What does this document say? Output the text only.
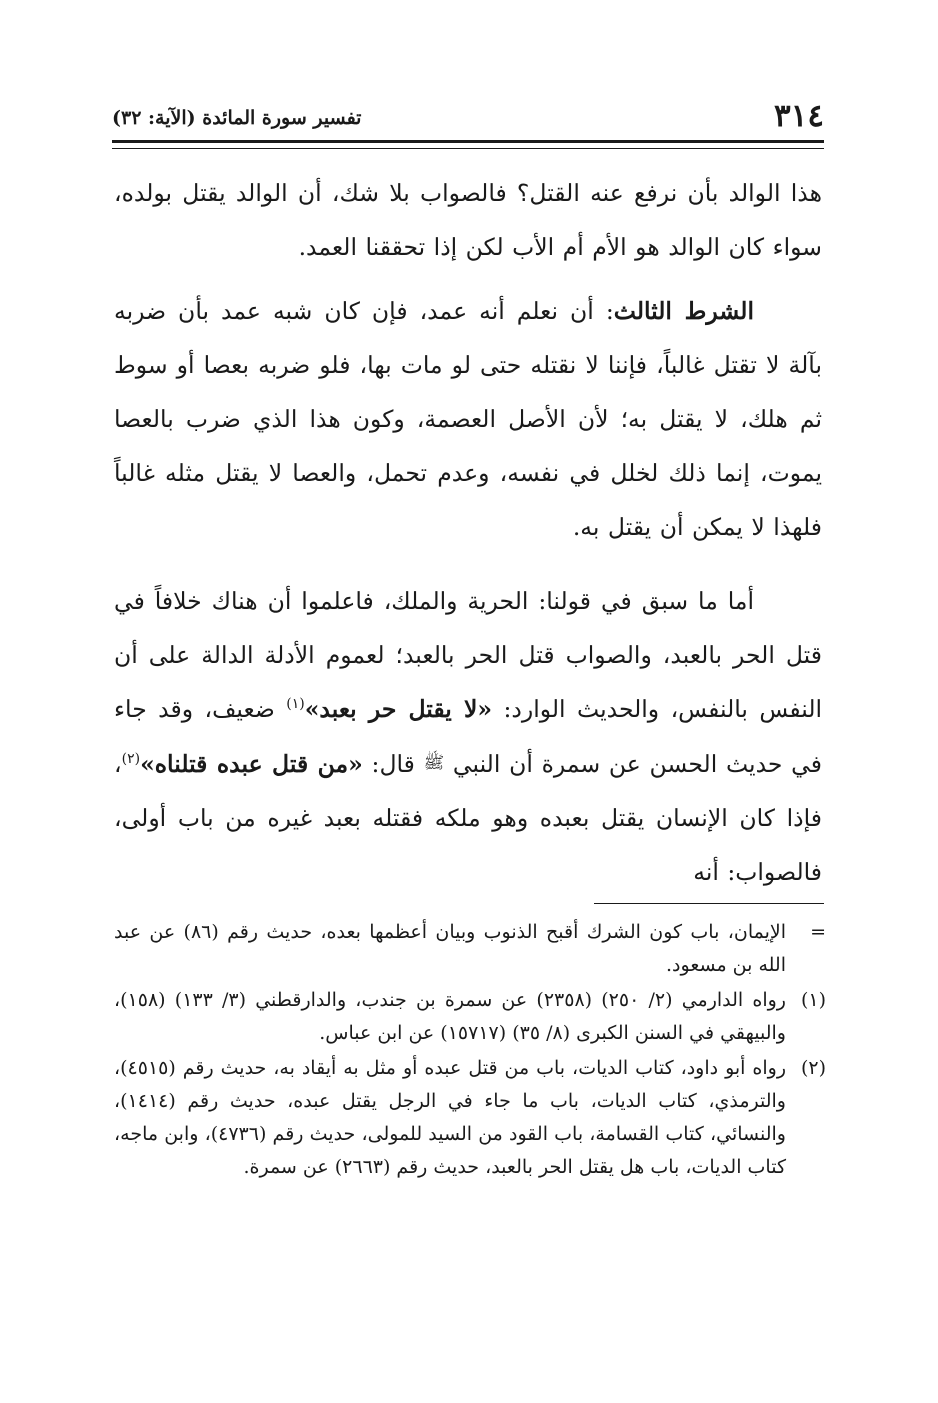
٣١٤
تفسير سورة المائدة (الآية: ٣٢)

هذا الوالد بأن نرفع عنه القتل؟ فالصواب بلا شك، أن الوالد يقتل بولده، سواء كان الوالد هو الأم أم الأب لكن إذا تحققنا العمد.

الشرط الثالث: أن نعلم أنه عمد، فإن كان شبه عمد بأن ضربه بآلة لا تقتل غالباً، فإننا لا نقتله حتى لو مات بها، فلو ضربه بعصا أو سوط ثم هلك، لا يقتل به؛ لأن الأصل العصمة، وكون هذا الذي ضرب بالعصا يموت، إنما ذلك لخلل في نفسه، وعدم تحمل، والعصا لا يقتل مثله غالباً فلهذا لا يمكن أن يقتل به.

أما ما سبق في قولنا: الحرية والملك، فاعلموا أن هناك خلافاً في قتل الحر بالعبد، والصواب قتل الحر بالعبد؛ لعموم الأدلة الدالة على أن النفس بالنفس، والحديث الوارد: «لا يقتل حر بعبد»$^{(١)}$ ضعيف، وقد جاء في حديث الحسن عن سمرة أن النبي ﷺ قال: «من قتل عبده قتلناه»$^{(٢)}$، فإذا كان الإنسان يقتل بعبده وهو ملكه فقتله بعبد غيره من باب أولى، فالصواب: أنه

=
الإيمان، باب كون الشرك أقبح الذنوب وبيان أعظمها بعده، حديث رقم (٨٦) عن عبد الله بن مسعود.
(١)
رواه الدارمي (٢/ ٢٥٠) (٢٣٥٨) عن سمرة بن جندب، والدارقطني (٣/ ١٣٣) (١٥٨)، والبيهقي في السنن الكبرى (٨/ ٣٥) (١٥٧١٧) عن ابن عباس.
(٢)
رواه أبو داود، كتاب الديات، باب من قتل عبده أو مثل به أيقاد به، حديث رقم (٤٥١٥)، والترمذي، كتاب الديات، باب ما جاء في الرجل يقتل عبده، حديث رقم (١٤١٤)، والنسائي، كتاب القسامة، باب القود من السيد للمولى، حديث رقم (٤٧٣٦)، وابن ماجه، كتاب الديات، باب هل يقتل الحر بالعبد، حديث رقم (٢٦٦٣) عن سمرة.
